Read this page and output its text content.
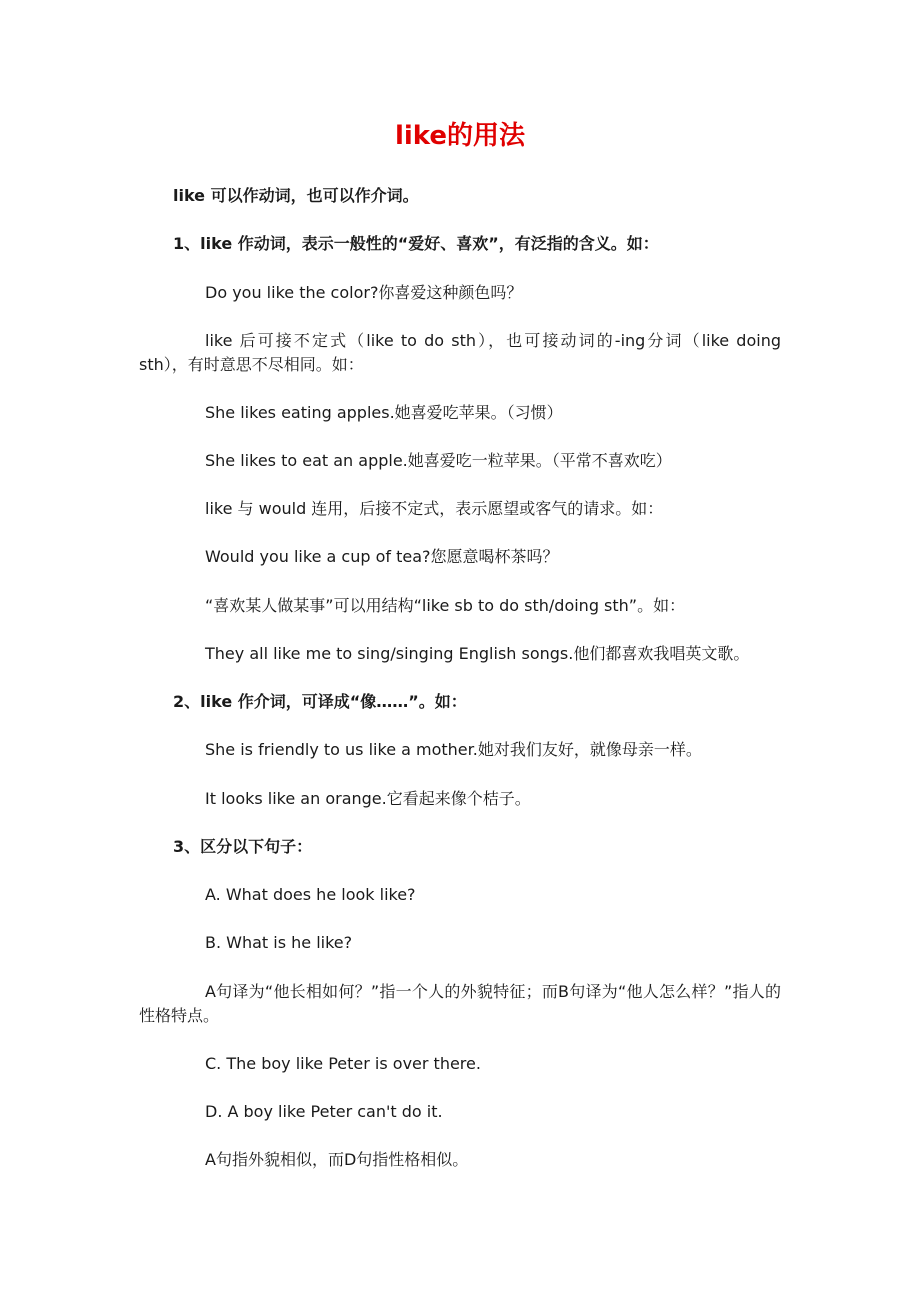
like的用法
like 可以作动词，也可以作介词。
1、like 作动词，表示一般性的“爱好、喜欢”，有泛指的含义。如：
Do you like the color?你喜爱这种颜色吗？
like 后可接不定式（like to do sth），也可接动词的-ing分词（like doing sth），有时意思不尽相同。如：
She likes eating apples.她喜爱吃苹果。（习惯）
She likes to eat an apple.她喜爱吃一粒苹果。（平常不喜欢吃）
like 与 would 连用，后接不定式，表示愿望或客气的请求。如：
Would you like a cup of tea?您愿意喝杯茶吗？
“喜欢某人做某事”可以用结构“like sb to do sth/doing sth”。如：
They all like me to sing/singing English songs.他们都喜欢我唱英文歌。
2、like 作介词，可译成“像……”。如：
She is friendly to us like a mother.她对我们友好，就像母亲一样。
It looks like an orange.它看起来像个桔子。
3、区分以下句子：
A. What does he look like?
B. What is he like?
A句译为“他长相如何？”指一个人的外貌特征；而B句译为“他人怎么样？”指人的性格特点。
C. The boy like Peter is over there.
D. A boy like Peter can't do it.
A句指外貌相似，而D句指性格相似。
